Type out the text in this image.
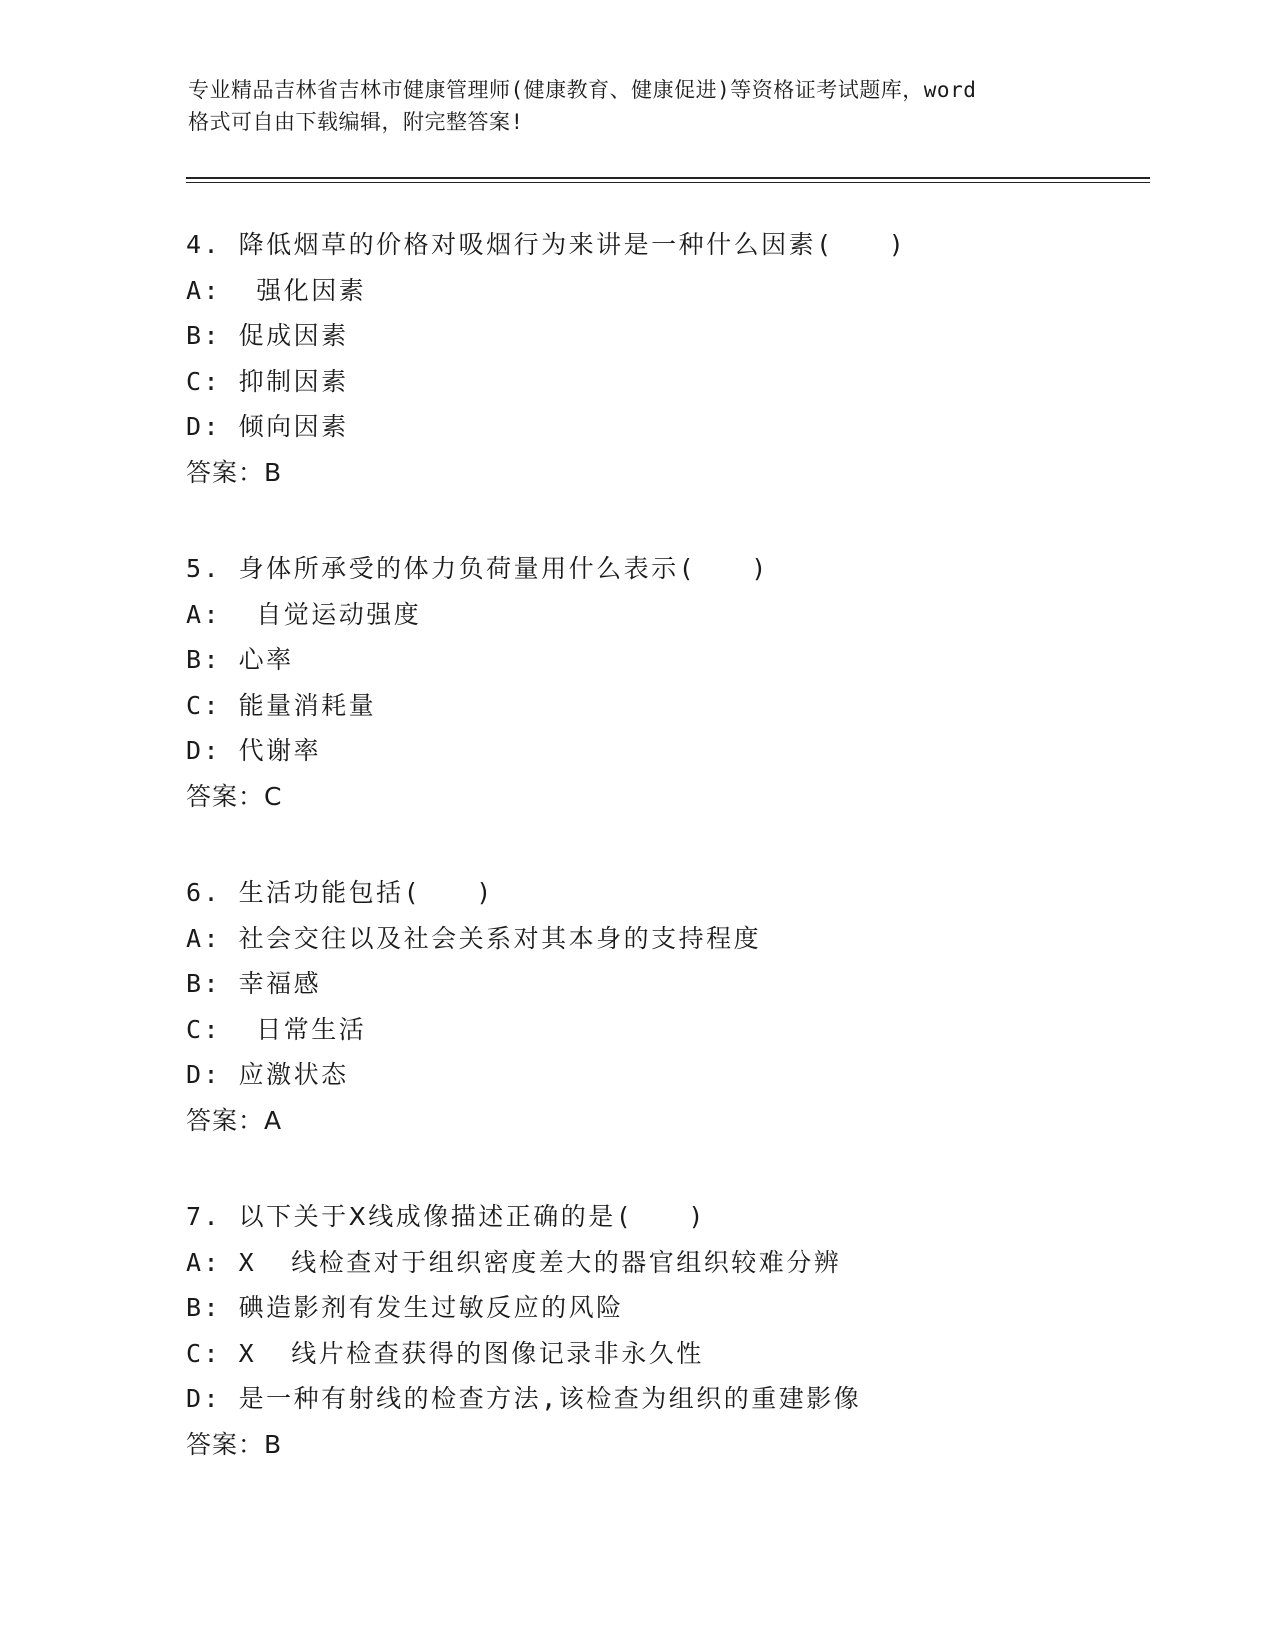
专业精品吉林省吉林市健康管理师(健康教育、健康促进)等资格证考试题库，word

格式可自由下载编辑，附完整答案!

4. 降低烟草的价格对吸烟行为来讲是一种什么因素(　　)

A:  强化因素

B: 促成因素

C: 抑制因素

D: 倾向因素

答案：B

5. 身体所承受的体力负荷量用什么表示(　　)

A:  自觉运动强度

B: 心率

C: 能量消耗量

D: 代谢率

答案：C

6. 生活功能包括(　　)

A: 社会交往以及社会关系对其本身的支持程度

B: 幸福感

C:  日常生活

D: 应激状态

答案：A

7. 以下关于Ⅹ线成像描述正确的是(　　)

A: X  线检查对于组织密度差大的器官组织较难分辨

B: 碘造影剂有发生过敏反应的风险

C: X  线片检查获得的图像记录非永久性

D: 是一种有射线的检查方法,该检查为组织的重建影像

答案：B
